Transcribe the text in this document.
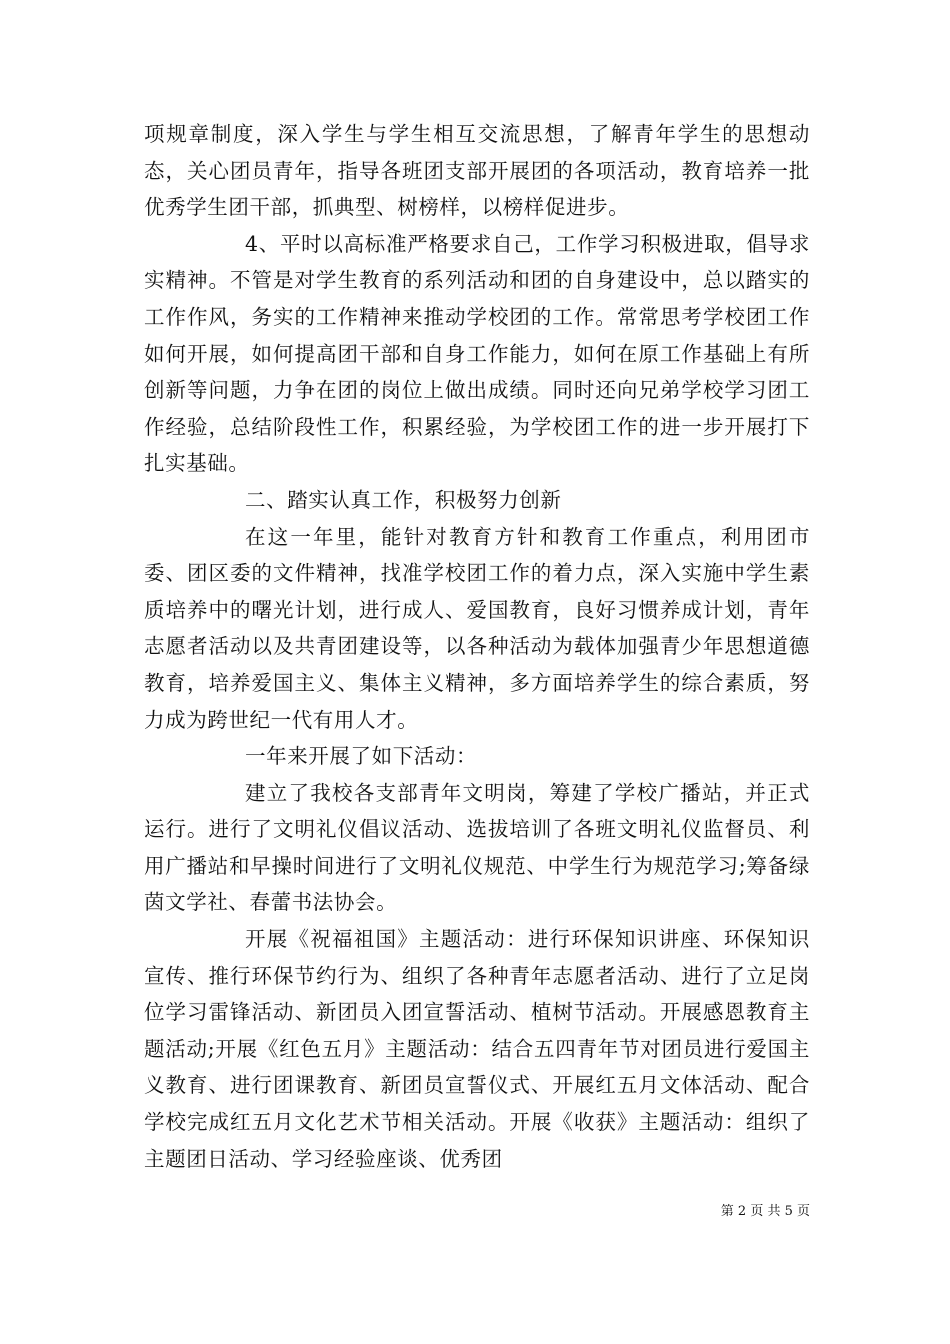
项规章制度，深入学生与学生相互交流思想，了解青年学生的思想动态，关心团员青年，指导各班团支部开展团的各项活动，教育培养一批优秀学生团干部，抓典型、树榜样，以榜样促进步。

4、平时以高标准严格要求自己，工作学习积极进取，倡导求实精神。不管是对学生教育的系列活动和团的自身建设中，总以踏实的工作作风，务实的工作精神来推动学校团的工作。常常思考学校团工作如何开展，如何提高团干部和自身工作能力，如何在原工作基础上有所创新等问题，力争在团的岗位上做出成绩。同时还向兄弟学校学习团工作经验，总结阶段性工作，积累经验，为学校团工作的进一步开展打下扎实基础。

二、踏实认真工作，积极努力创新

在这一年里，能针对教育方针和教育工作重点，利用团市委、团区委的文件精神，找准学校团工作的着力点，深入实施中学生素质培养中的曙光计划，进行成人、爱国教育，良好习惯养成计划，青年志愿者活动以及共青团建设等，以各种活动为载体加强青少年思想道德教育，培养爱国主义、集体主义精神，多方面培养学生的综合素质，努力成为跨世纪一代有用人才。

一年来开展了如下活动：

建立了我校各支部青年文明岗，筹建了学校广播站，并正式运行。进行了文明礼仪倡议活动、选拔培训了各班文明礼仪监督员、利用广播站和早操时间进行了文明礼仪规范、中学生行为规范学习;筹备绿茵文学社、春蕾书法协会。

开展《祝福祖国》主题活动：进行环保知识讲座、环保知识宣传、推行环保节约行为、组织了各种青年志愿者活动、进行了立足岗位学习雷锋活动、新团员入团宣誓活动、植树节活动。开展感恩教育主题活动;开展《红色五月》主题活动：结合五四青年节对团员进行爱国主义教育、进行团课教育、新团员宣誓仪式、开展红五月文体活动、配合学校完成红五月文化艺术节相关活动。开展《收获》主题活动：组织了主题团日活动、学习经验座谈、优秀团

第 2 页 共 5 页
